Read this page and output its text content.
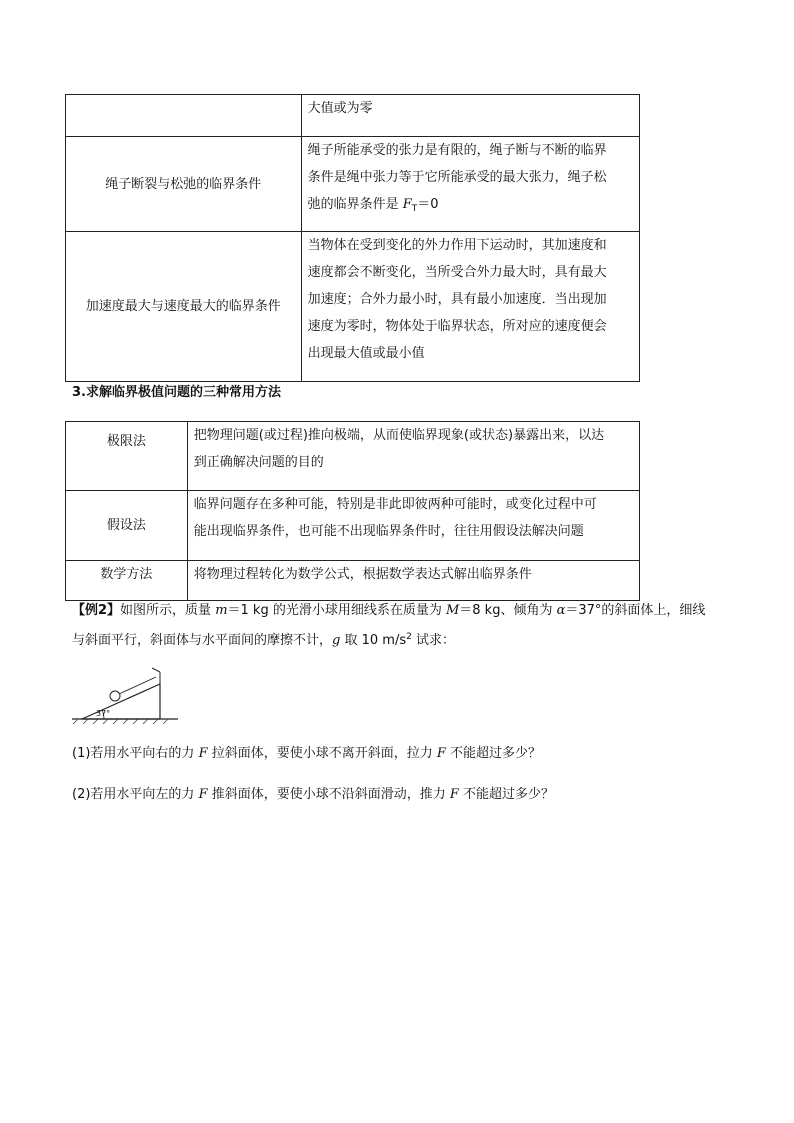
	大值或为零

绳子断裂与松弛的临界条件	绳子所能承受的张力是有限的，绳子断与不断的临界
条件是绳中张力等于它所能承受的最大张力，绳子松
弛的临界条件是 $F_T=0$

加速度最大与速度最大的临界条件	当物体在受到变化的外力作用下运动时，其加速度和
速度都会不断变化，当所受合外力最大时，具有最大
加速度；合外力最小时，具有最小加速度．当出现加
速度为零时，物体处于临界状态，所对应的速度便会
出现最大值或最小值
3.求解临界极值问题的三种常用方法
极限法	把物理问题(或过程)推向极端，从而使临界现象(或状态)暴露出来，以达
到正确解决问题的目的

假设法	临界问题存在多种可能，特别是非此即彼两种可能时，或变化过程中可
能出现临界条件，也可能不出现临界条件时，往往用假设法解决问题

数学方法	将物理过程转化为数学公式，根据数学表达式解出临界条件
【例2】如图所示，质量 m＝1 kg 的光滑小球用细线系在质量为 M＝8 kg、倾角为 α＝37°的斜面体上，细线
与斜面平行，斜面体与水平面间的摩擦不计，g 取 10 $m/s^2$ 试求：
37°
(1)若用水平向右的力 F 拉斜面体，要使小球不离开斜面，拉力 F 不能超过多少？
(2)若用水平向左的力 F 推斜面体，要使小球不沿斜面滑动，推力 F 不能超过多少？
